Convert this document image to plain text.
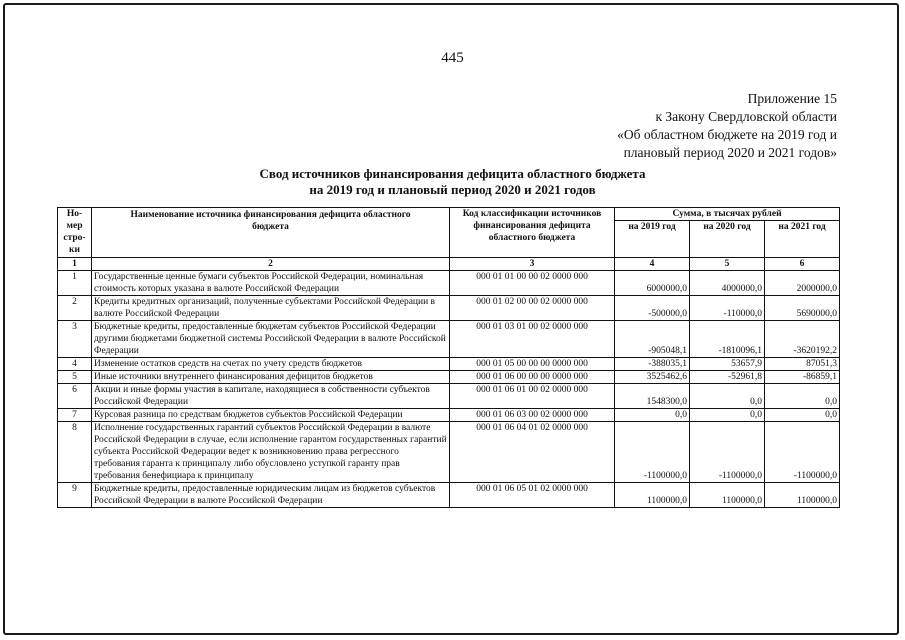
445
Приложение 15
к Закону Свердловской области
«Об областном бюджете на 2019 год и
плановый период 2020 и 2021 годов»
Свод источников финансирования дефицита областного бюджета
на 2019 год и плановый период 2020 и 2021 годов
Но- мер стро- ки	Наименование источника финансирования дефицита областного бюджета	Код классификации источников финансирования дефицита областного бюджета	Сумма, в тысячах рублей		
			на 2019 год	на 2020 год	на 2021 год
1	2	3	4	5	6
1	Государственные ценные бумаги субъектов Российской Федерации, номинальная стоимость которых указана в валюте Российской Федерации	000 01 01 00 00 02 0000 000	6000000,0	4000000,0	2000000,0
2	Кредиты кредитных организаций, полученные субъектами Российской Федерации в валюте Российской Федерации	000 01 02 00 00 02 0000 000	-500000,0	-110000,0	5690000,0
3	Бюджетные кредиты, предоставленные бюджетам субъектов Российской Федерации другими бюджетами бюджетной системы Российской Федерации в валюте Российской Федерации	000 01 03 01 00 02 0000 000	-905048,1	-1810096,1	-3620192,2
4	Изменение остатков средств на счетах по учету средств бюджетов	000 01 05 00 00 00 0000 000	-388035,1	53657,9	87051,3
5	Иные источники внутреннего финансирования дефицитов бюджетов	000 01 06 00 00 00 0000 000	3525462,6	-52961,8	-86859,1
6	Акции и иные формы участия в капитале, находящиеся в собственности субъектов Российской Федерации	000 01 06 01 00 02 0000 000	1548300,0	0,0	0,0
7	Курсовая разница по средствам бюджетов субъектов Российской Федерации	000 01 06 03 00 02 0000 000	0,0	0,0	0,0
8	Исполнение государственных гарантий субъектов Российской Федерации в валюте Российской Федерации в случае, если исполнение гарантом государственных гарантий субъекта Российской Федерации ведет к возникновению права регрессного требования гаранта к принципалу либо обусловлено уступкой гаранту прав требования бенефициара к принципалу	000 01 06 04 01 02 0000 000	-1100000,0	-1100000,0	-1100000,0
9	Бюджетные кредиты, предоставленные юридическим лицам из бюджетов субъектов Российской Федерации в валюте Российской Федерации	000 01 06 05 01 02 0000 000	1100000,0	1100000,0	1100000,0
